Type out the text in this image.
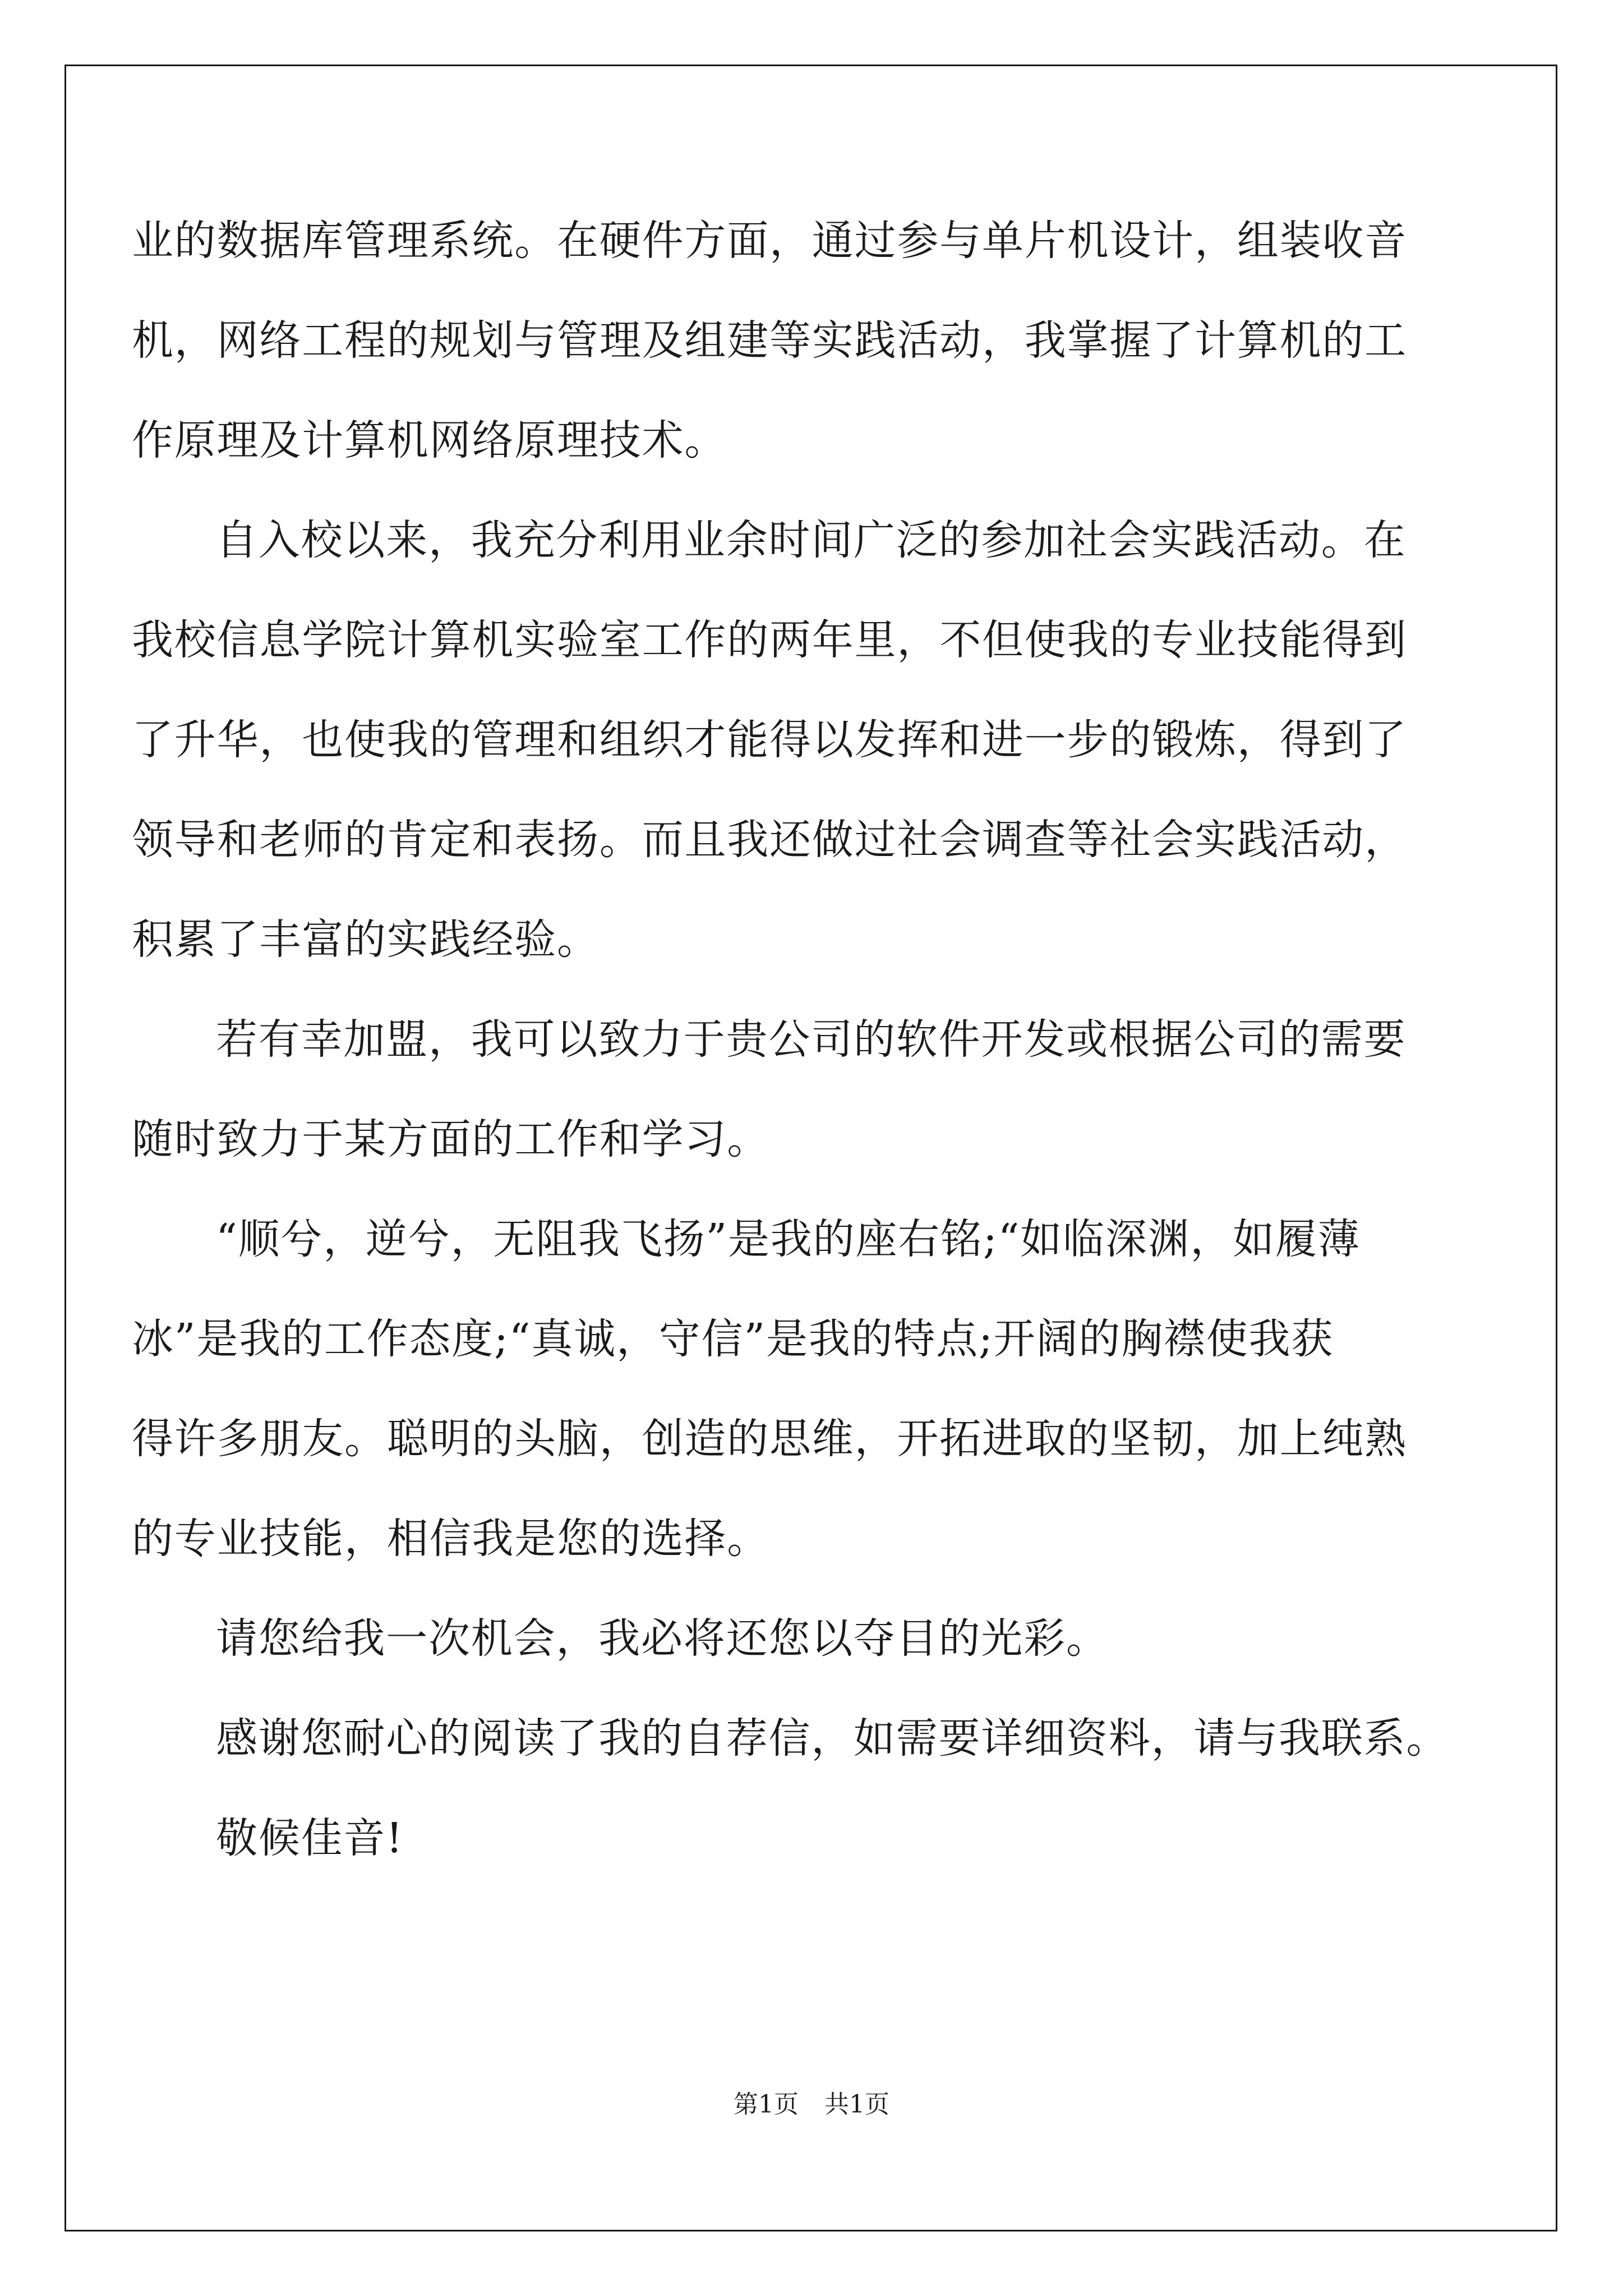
业的数据库管理系统。在硬件方面，通过参与单片机设计，组装收音
机，网络工程的规划与管理及组建等实践活动，我掌握了计算机的工
作原理及计算机网络原理技术。
自入校以来，我充分利用业余时间广泛的参加社会实践活动。在
我校信息学院计算机实验室工作的两年里，不但使我的专业技能得到
了升华，也使我的管理和组织才能得以发挥和进一步的锻炼，得到了
领导和老师的肯定和表扬。而且我还做过社会调查等社会实践活动，
积累了丰富的实践经验。
若有幸加盟，我可以致力于贵公司的软件开发或根据公司的需要
随时致力于某方面的工作和学习。
“顺兮，逆兮，无阻我飞扬”是我的座右铭;“如临深渊，如履薄
冰”是我的工作态度;“真诚，守信”是我的特点;开阔的胸襟使我获
得许多朋友。聪明的头脑，创造的思维，开拓进取的坚韧，加上纯熟
的专业技能，相信我是您的选择。
请您给我一次机会，我必将还您以夺目的光彩。
感谢您耐心的阅读了我的自荐信，如需要详细资料，请与我联系。
敬候佳音!
第1页 共1页
